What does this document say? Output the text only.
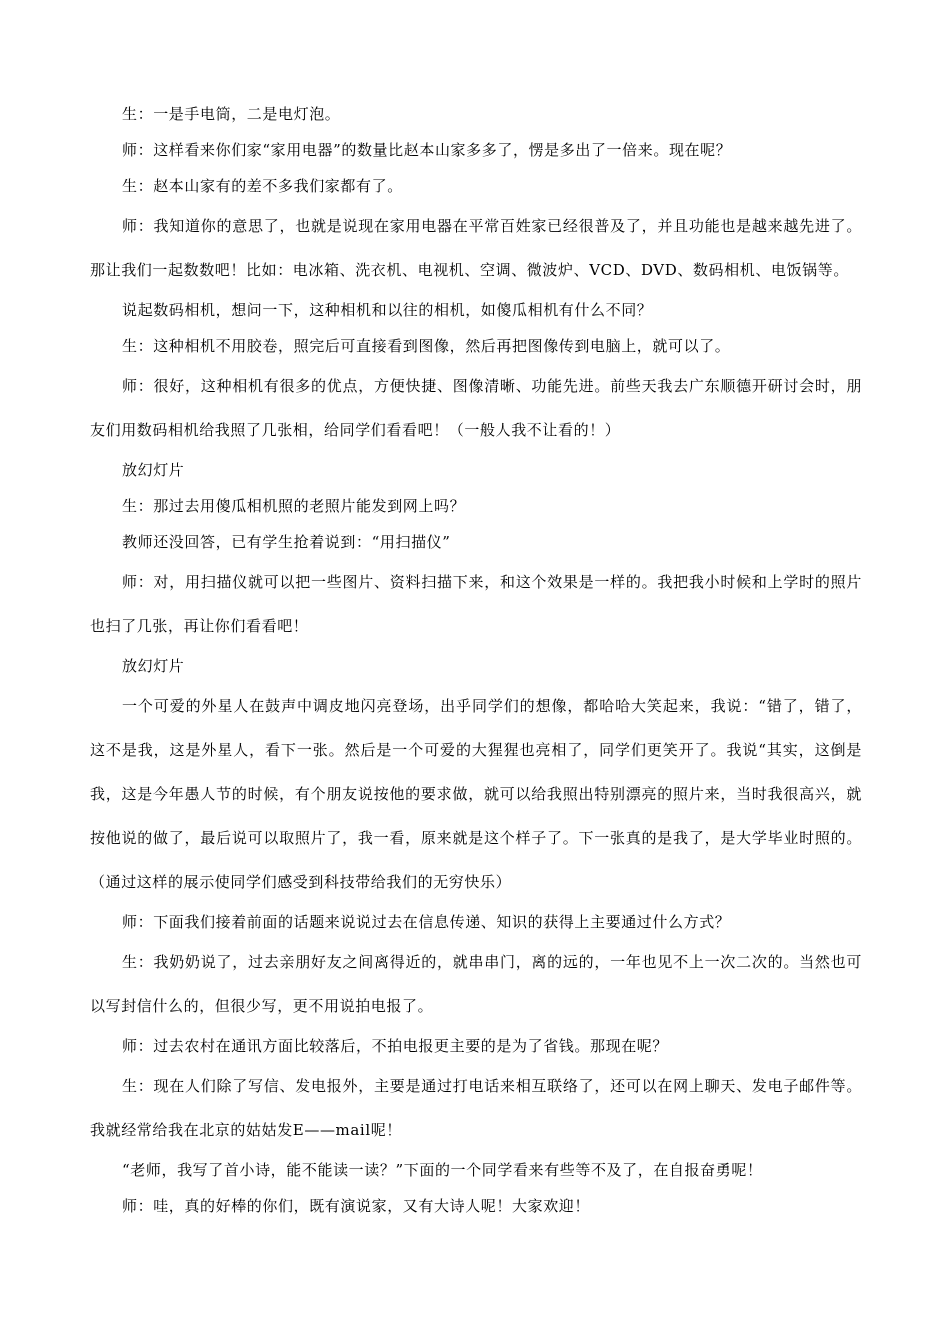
生：一是手电筒，二是电灯泡。

师：这样看来你们家“家用电器”的数量比赵本山家多多了，愣是多出了一倍来。现在呢？

生：赵本山家有的差不多我们家都有了。

师：我知道你的意思了，也就是说现在家用电器在平常百姓家已经很普及了，并且功能也是越来越先进了。那让我们一起数数吧！比如：电冰箱、洗衣机、电视机、空调、微波炉、VCD、DVD、数码相机、电饭锅等。

说起数码相机，想问一下，这种相机和以往的相机，如傻瓜相机有什么不同？

生：这种相机不用胶卷，照完后可直接看到图像，然后再把图像传到电脑上，就可以了。

师：很好，这种相机有很多的优点，方便快捷、图像清晰、功能先进。前些天我去广东顺德开研讨会时，朋友们用数码相机给我照了几张相，给同学们看看吧！（一般人我不让看的！）

放幻灯片

生：那过去用傻瓜相机照的老照片能发到网上吗？

教师还没回答，已有学生抢着说到：“用扫描仪”

师：对，用扫描仪就可以把一些图片、资料扫描下来，和这个效果是一样的。我把我小时候和上学时的照片也扫了几张，再让你们看看吧！

放幻灯片

一个可爱的外星人在鼓声中调皮地闪亮登场，出乎同学们的想像，都哈哈大笑起来，我说：“错了，错了，这不是我，这是外星人，看下一张。然后是一个可爱的大猩猩也亮相了，同学们更笑开了。我说“其实，这倒是我，这是今年愚人节的时候，有个朋友说按他的要求做，就可以给我照出特别漂亮的照片来，当时我很高兴，就按他说的做了，最后说可以取照片了，我一看，原来就是这个样子了。下一张真的是我了，是大学毕业时照的。（通过这样的展示使同学们感受到科技带给我们的无穷快乐）

师：下面我们接着前面的话题来说说过去在信息传递、知识的获得上主要通过什么方式？

生：我奶奶说了，过去亲朋好友之间离得近的，就串串门，离的远的，一年也见不上一次二次的。当然也可以写封信什么的，但很少写，更不用说拍电报了。

师：过去农村在通讯方面比较落后，不拍电报更主要的是为了省钱。那现在呢？

生：现在人们除了写信、发电报外，主要是通过打电话来相互联络了，还可以在网上聊天、发电子邮件等。我就经常给我在北京的姑姑发E——mail呢！

“老师，我写了首小诗，能不能读一读？”下面的一个同学看来有些等不及了，在自报奋勇呢！

师：哇，真的好棒的你们，既有演说家，又有大诗人呢！大家欢迎！
